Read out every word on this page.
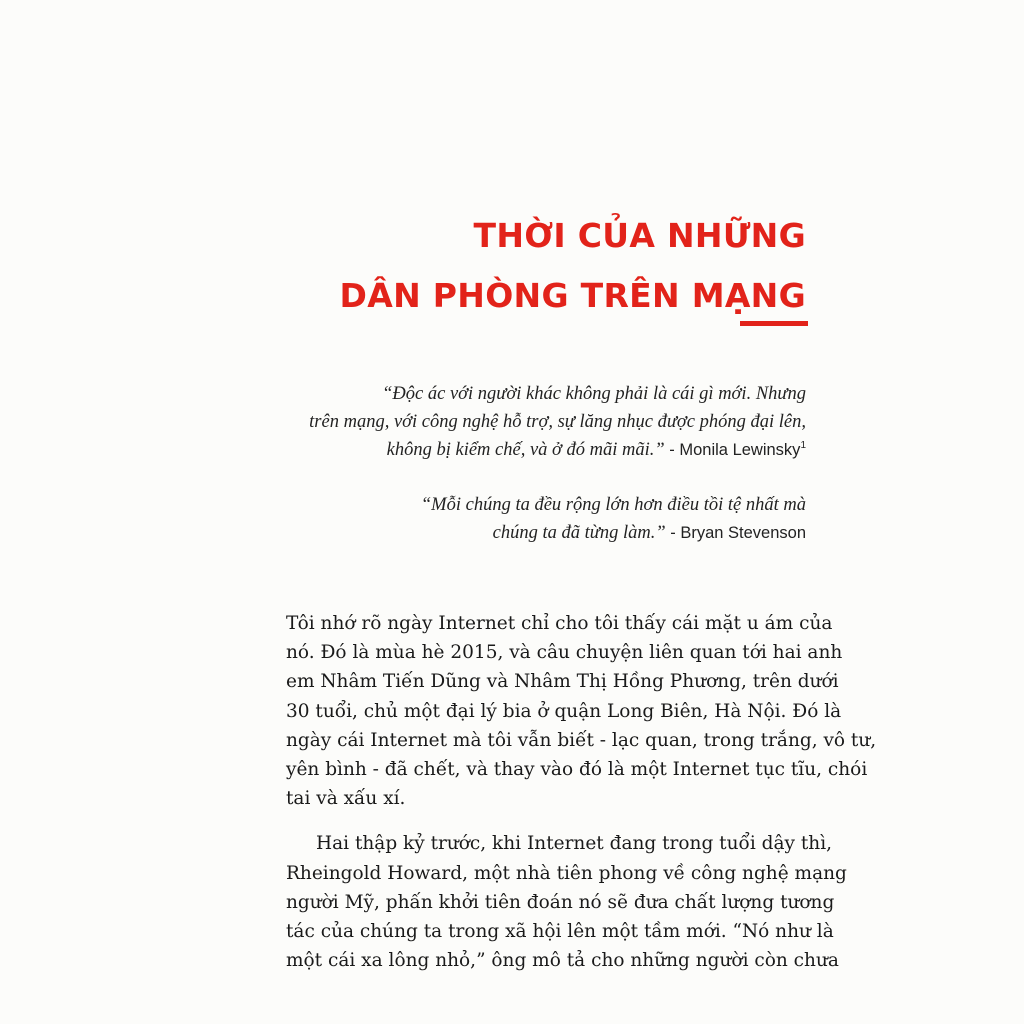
THỜI CỦA NHỮNG
DÂN PHÒNG TRÊN MẠNG
“Độc ác với người khác không phải là cái gì mới. Nhưng
trên mạng, với công nghệ hỗ trợ, sự lăng nhục được phóng đại lên,
không bị kiểm chế, và ở đó mãi mãi.” - Monila Lewinsky$^1$
“Mỗi chúng ta đều rộng lớn hơn điều tồi tệ nhất mà
chúng ta đã từng làm.” - Bryan Stevenson

Tôi nhớ rõ ngày Internet chỉ cho tôi thấy cái mặt u ám của
nó. Đó là mùa hè 2015, và câu chuyện liên quan tới hai anh
em Nhâm Tiến Dũng và Nhâm Thị Hồng Phương, trên dưới
30 tuổi, chủ một đại lý bia ở quận Long Biên, Hà Nội. Đó là
ngày cái Internet mà tôi vẫn biết - lạc quan, trong trắng, vô tư,
yên bình - đã chết, và thay vào đó là một Internet tục tĩu, chói
tai và xấu xí.

Hai thập kỷ trước, khi Internet đang trong tuổi dậy thì,
Rheingold Howard, một nhà tiên phong về công nghệ mạng
người Mỹ, phấn khởi tiên đoán nó sẽ đưa chất lượng tương
tác của chúng ta trong xã hội lên một tầm mới. “Nó như là
một cái xa lông nhỏ,” ông mô tả cho những người còn chưa
